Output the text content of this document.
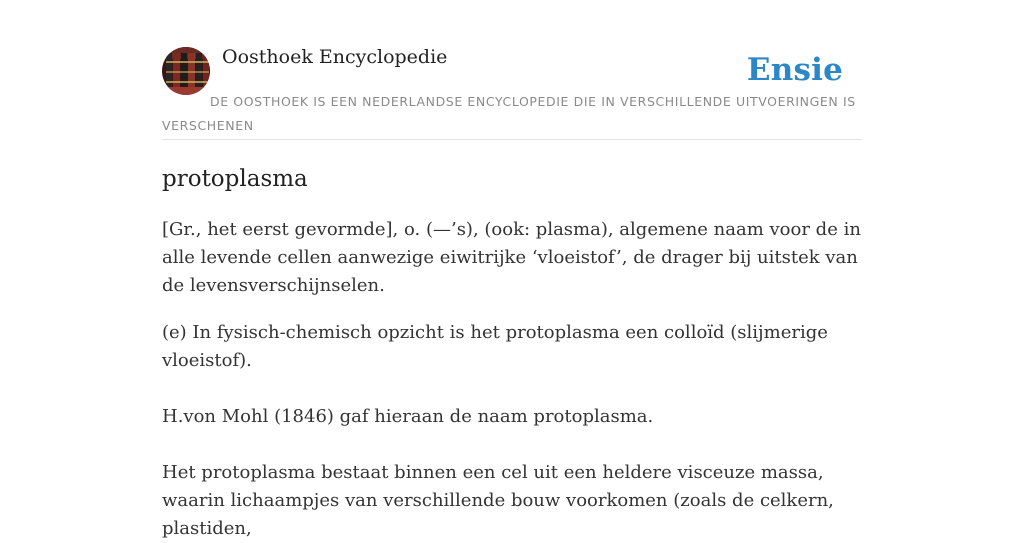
Oosthoek Encyclopedie	Ensie
DE OOSTHOEK IS EEN NEDERLANDSE ENCYCLOPEDIE DIE IN VERSCHILLENDE UITVOERINGEN IS VERSCHENEN
protoplasma

[Gr., het eerst gevormde], o. (—’s), (ook: plasma), algemene naam voor de in alle levende cellen aanwezige eiwitrijke ‘vloeistof’, de drager bij uitstek van de levensverschijnselen.

(e) In fysisch-chemisch opzicht is het protoplasma een colloïd (slijmerige vloeistof).

H.von Mohl (1846) gaf hieraan de naam protoplasma.

Het protoplasma bestaat binnen een cel uit een heldere visceuze massa, waarin lichaampjes van verschillende bouw voorkomen (zoals de celkern, plastiden,
